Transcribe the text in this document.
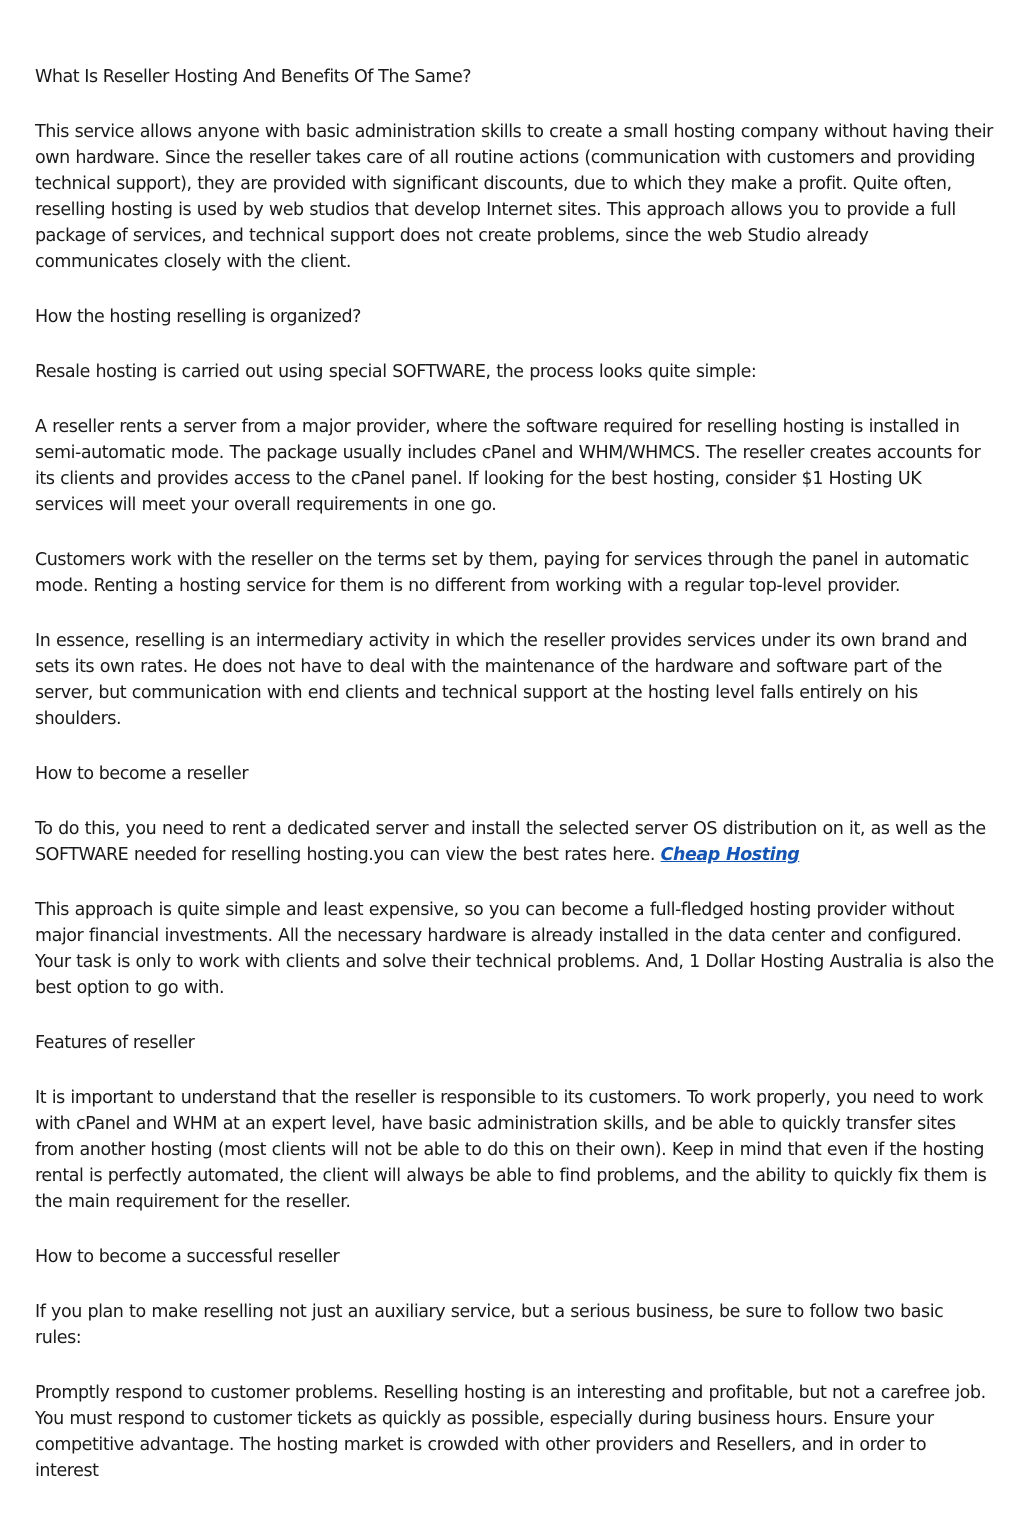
What Is Reseller Hosting And Benefits Of The Same?

This service allows anyone with basic administration skills to create a small hosting company without having their own hardware. Since the reseller takes care of all routine actions (communication with customers and providing technical support), they are provided with significant discounts, due to which they make a profit. Quite often, reselling hosting is used by web studios that develop Internet sites. This approach allows you to provide a full package of services, and technical support does not create problems, since the web Studio already communicates closely with the client.

How the hosting reselling is organized?

Resale hosting is carried out using special SOFTWARE, the process looks quite simple:

A reseller rents a server from a major provider, where the software required for reselling hosting is installed in semi-automatic mode. The package usually includes cPanel and WHM/WHMCS. The reseller creates accounts for its clients and provides access to the cPanel panel. If looking for the best hosting, consider $1 Hosting UK services will meet your overall requirements in one go.

Customers work with the reseller on the terms set by them, paying for services through the panel in automatic mode. Renting a hosting service for them is no different from working with a regular top-level provider.

In essence, reselling is an intermediary activity in which the reseller provides services under its own brand and sets its own rates. He does not have to deal with the maintenance of the hardware and software part of the server, but communication with end clients and technical support at the hosting level falls entirely on his shoulders.

How to become a reseller

To do this, you need to rent a dedicated server and install the selected server OS distribution on it, as well as the SOFTWARE needed for reselling hosting.you can view the best rates here. Cheap Hosting

This approach is quite simple and least expensive, so you can become a full-fledged hosting provider without major financial investments. All the necessary hardware is already installed in the data center and configured. Your task is only to work with clients and solve their technical problems. And, 1 Dollar Hosting Australia is also the best option to go with.

Features of reseller

It is important to understand that the reseller is responsible to its customers. To work properly, you need to work with cPanel and WHM at an expert level, have basic administration skills, and be able to quickly transfer sites from another hosting (most clients will not be able to do this on their own). Keep in mind that even if the hosting rental is perfectly automated, the client will always be able to find problems, and the ability to quickly fix them is the main requirement for the reseller.

How to become a successful reseller

If you plan to make reselling not just an auxiliary service, but a serious business, be sure to follow two basic rules:

Promptly respond to customer problems. Reselling hosting is an interesting and profitable, but not a carefree job. You must respond to customer tickets as quickly as possible, especially during business hours. Ensure your competitive advantage. The hosting market is crowded with other providers and Resellers, and in order to interest
